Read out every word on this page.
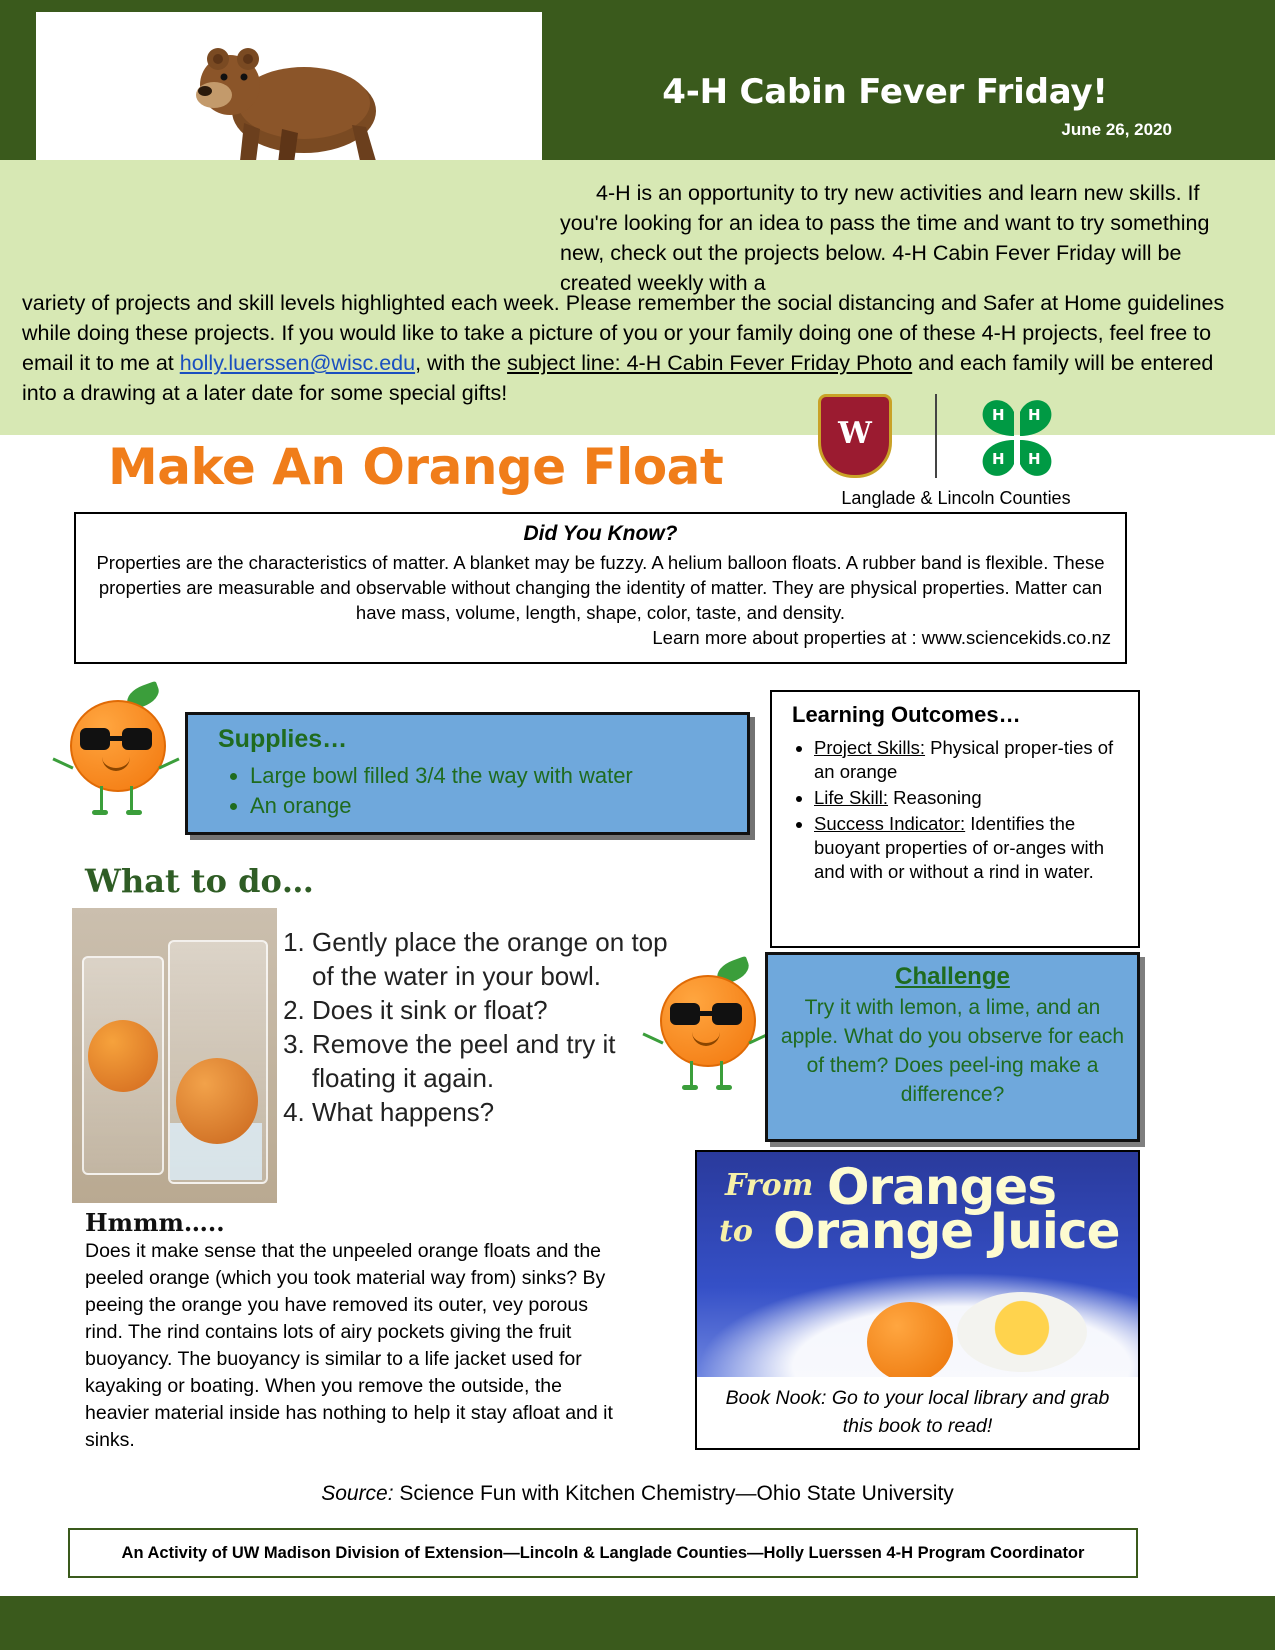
4-H Cabin Fever Friday!
June 26, 2020
4-H is an opportunity to try new activities and learn new skills. If you're looking for an idea to pass the time and want to try something new, check out the projects below. 4-H Cabin Fever Friday will be created weekly with a
variety of projects and skill levels highlighted each week. Please remember the social distancing and Safer at Home guidelines while doing these projects. If you would like to take a picture of you or your family doing one of these 4-H projects, feel free to email it to me at holly.luerssen@wisc.edu, with the subject line: 4-H Cabin Fever Friday Photo and each family will be entered into a drawing at a later date for some special gifts!
Make An Orange Float
W
H H
H H
Langlade & Lincoln Counties
Did You Know?
Properties are the characteristics of matter. A blanket may be fuzzy. A helium balloon floats. A rubber band is flexible. These properties are measurable and observable without changing the identity of matter. They are physical properties. Matter can have mass, volume, length, shape, color, taste, and density.
Learn more about properties at : www.sciencekids.co.nz
Supplies…
• Large bowl filled 3/4 the way with water
• An orange
Learning Outcomes…
• Project Skills: Physical proper-ties of an orange
• Life Skill: Reasoning
• Success Indicator: Identifies the buoyant properties of or-anges with and with or without a rind in water.
What to do…
1. Gently place the orange on top of the water in your bowl.
2. Does it sink or float?
3. Remove the peel and try it floating it again.
4. What happens?
Challenge
Try it with lemon, a lime, and an apple. What do you observe for each of them? Does peel-ing make a difference?
From Oranges
to Orange Juice
Book Nook: Go to your local library and grab this book to read!
Hmmm…..
Does it make sense that the unpeeled orange floats and the peeled orange (which you took material way from) sinks? By peeing the orange you have removed its outer, vey porous rind. The rind contains lots of airy pockets giving the fruit buoyancy. The buoyancy is similar to a life jacket used for kayaking or boating. When you remove the outside, the heavier material inside has nothing to help it stay afloat and it sinks.
Source: Science Fun with Kitchen Chemistry—Ohio State University
An Activity of UW Madison Division of Extension—Lincoln & Langlade Counties—Holly Luerssen 4-H Program Coordinator
